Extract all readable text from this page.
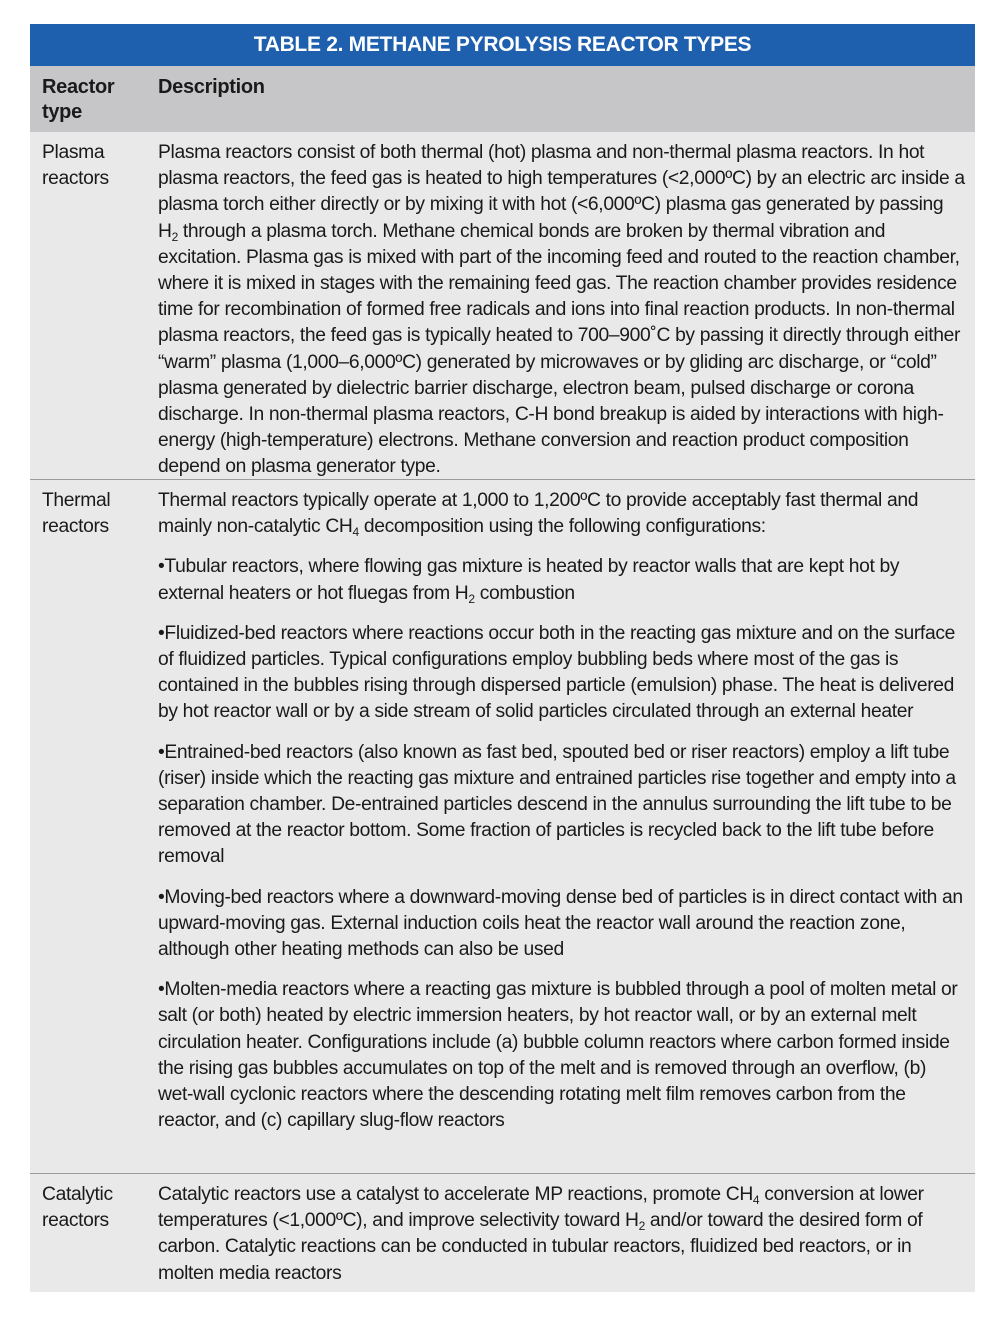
TABLE 2. METHANE PYROLYSIS REACTOR TYPES
Reactor
type
Description
Plasma
reactors

Plasma reactors consist of both thermal (hot) plasma and non-thermal plasma reactors. In hot plasma reactors, the feed gas is heated to high temperatures (<2,000ºC) by an electric arc inside a plasma torch either directly or by mixing it with hot (<6,000ºC) plasma gas generated by passing $H_2$ through a plasma torch. Methane chemical bonds are broken by thermal vibration and excitation. Plasma gas is mixed with part of the incoming feed and routed to the reaction chamber, where it is mixed in stages with the remaining feed gas. The reaction chamber provides residence time for recombination of formed free radicals and ions into final reaction products. In non-thermal plasma reactors, the feed gas is typically heated to 700–900˚C by passing it directly through either “warm” plasma (1,000–6,000ºC) generated by microwaves or by gliding arc discharge, or “cold” plasma generated by dielectric barrier discharge, electron beam, pulsed discharge or corona discharge. In non-thermal plasma reactors, C-H bond breakup is aided by interactions with high-energy (high-temperature) electrons. Methane conversion and reaction product composition depend on plasma generator type.

Thermal
reactors

Thermal reactors typically operate at 1,000 to 1,200ºC to provide acceptably fast thermal and mainly non-catalytic $CH_4$ decomposition using the following configurations:

•Tubular reactors, where flowing gas mixture is heated by reactor walls that are kept hot by external heaters or hot fluegas from $H_2$ combustion

•Fluidized-bed reactors where reactions occur both in the reacting gas mixture and on the surface of fluidized particles. Typical configurations employ bubbling beds where most of the gas is contained in the bubbles rising through dispersed particle (emulsion) phase. The heat is delivered by hot reactor wall or by a side stream of solid particles circulated through an external heater

•Entrained-bed reactors (also known as fast bed, spouted bed or riser reactors) employ a lift tube (riser) inside which the reacting gas mixture and entrained particles rise together and empty into a separation chamber. De-entrained particles descend in the annulus surrounding the lift tube to be removed at the reactor bottom. Some fraction of particles is recycled back to the lift tube before removal

•Moving-bed reactors where a downward-moving dense bed of particles is in direct contact with an upward-moving gas. External induction coils heat the reactor wall around the reaction zone, although other heating methods can also be used

•Molten-media reactors where a reacting gas mixture is bubbled through a pool of molten metal or salt (or both) heated by electric immersion heaters, by hot reactor wall, or by an external melt circulation heater. Configurations include (a) bubble column reactors where carbon formed inside the rising gas bubbles accumulates on top of the melt and is removed through an overflow, (b) wet-wall cyclonic reactors where the descending rotating melt film removes carbon from the reactor, and (c) capillary slug-flow reactors

Catalytic
reactors

Catalytic reactors use a catalyst to accelerate MP reactions, promote $CH_4$ conversion at lower temperatures (<1,000ºC), and improve selectivity toward $H_2$ and/or toward the desired form of carbon. Catalytic reactions can be conducted in tubular reactors, fluidized bed reactors, or in molten media reactors
